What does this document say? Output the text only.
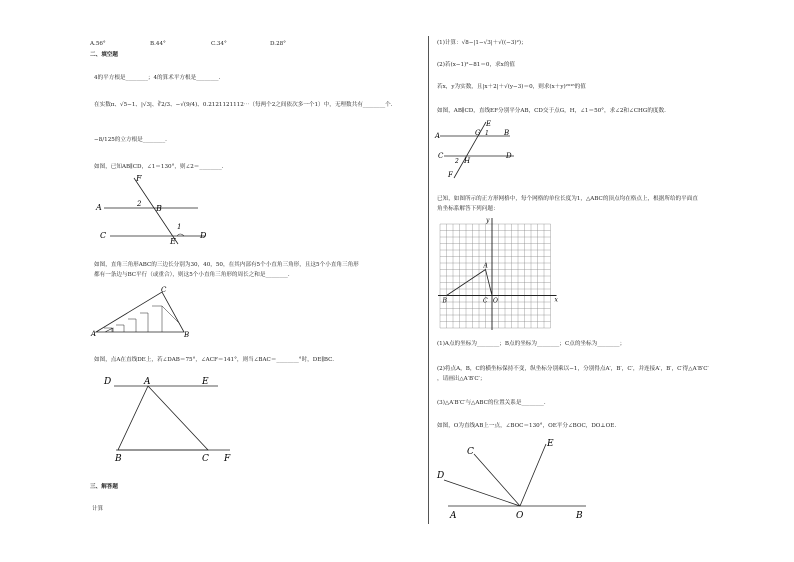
A.56°	B.44°	C.34°	D.28°
二、填空题
4的平方根是________；4的算术平方根是________.
在实数π、√5−1、|√3|、∛2/3、−√(9/4)、0.2121121112⋯（每两个2之间依次多一个1）中，无理数共有________个.
−8/125的立方根是________.
如图，已知AB∥CD，∠1＝130°，则∠2＝________.
F
A	B
C	D
E
1
2
如图，直角三角形ABC的三边长分别为30，40，50，在其内部有5个小直角三角形，且这5个小直角三角形
都有一条边与BC平行（或重合），则这5个小直角三角形的周长之和是________.
C
A	B
如图，点A在直线DE上，若∠DAB＝75°，∠ACF＝141°，则当∠BAC＝________°时，DE∥BC.
D	A	E
B	C F
三、解答题
计算
(1)计算：√8−|1−√3|＋√((−3)²)；
(2)若(x−1)²−81＝0，求x的值
若x，y为实数，且|x＋2|＋√(y−3)＝0，则求(x＋y)²⁰¹⁶的值
如图，AB∥CD，直线EF分别平分AB，CD交于点G，H，∠1＝50°，求∠2和∠CHG的度数.
E
A	G 1 B
C	D
2 H
F
已知，如图所示的正方形网格中，每个网格的单位长度为1，△ABC的顶点均在格点上，根据所给的平面直
角坐标系解答下列问题：
y
x
A
B	C O
(1)A点的坐标为________；B点的坐标为________；C点的坐标为________；
(2)将点A，B，C的横坐标保持不变，纵坐标分别乘以−1，分别得点A′，B′，C′，并连接A′，B′，C′得△A′B′C′
，请画出△A′B′C′；
(3)△A′B′C′与△ABC的位置关系是________.
如图，O为直线AB上一点，∠BOC＝130°，OE平分∠BOC，DO⊥OE.
C
E
D
A	O	B
